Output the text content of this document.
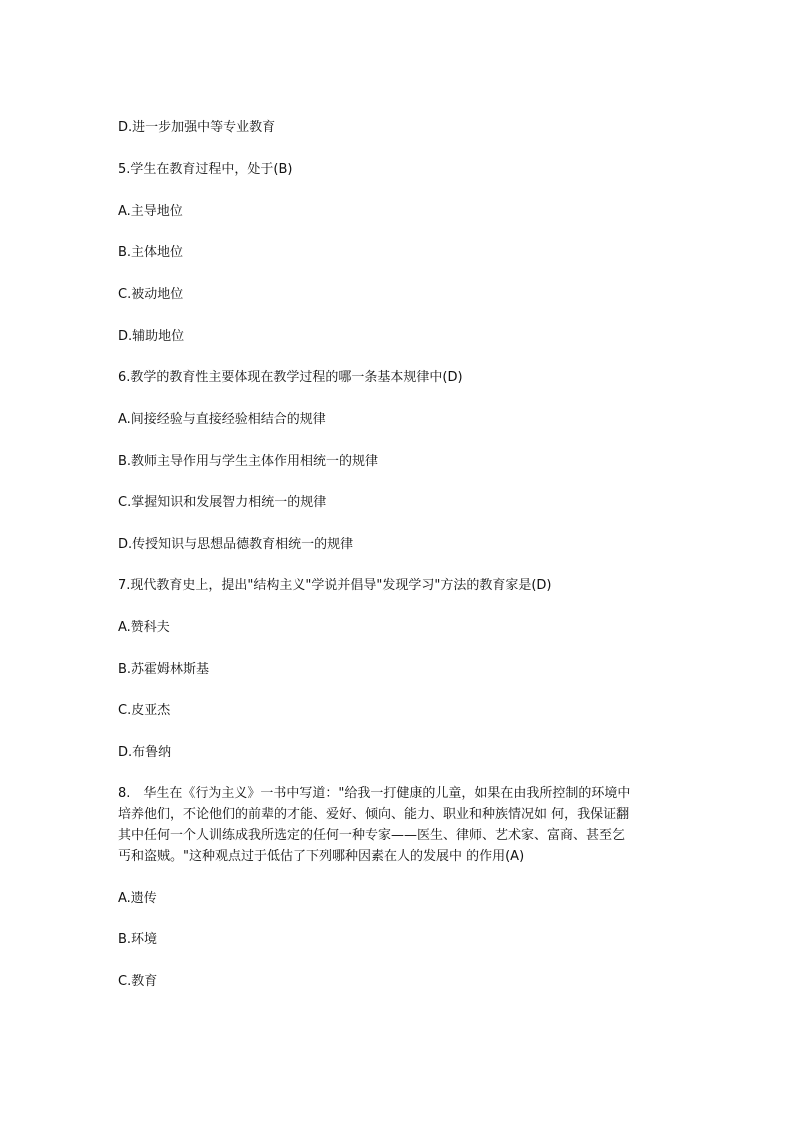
D.进一步加强中等专业教育
5.学生在教育过程中，处于(B)
A.主导地位
B.主体地位
C.被动地位
D.辅助地位
6.教学的教育性主要体现在教学过程的哪一条基本规律中(D)
A.间接经验与直接经验相结合的规律
B.教师主导作用与学生主体作用相统一的规律
C.掌握知识和发展智力相统一的规律
D.传授知识与思想品德教育相统一的规律
7.现代教育史上，提出"结构主义"学说并倡导"发现学习"方法的教育家是(D)
A.赞科夫
B.苏霍姆林斯基
C.皮亚杰
D.布鲁纳
8.　华生在《行为主义》一书中写道："给我一打健康的儿童，如果在由我所控制的环境中
培养他们，不论他们的前辈的才能、爱好、倾向、能力、职业和种族情况如 何，我保证翻
其中任何一个人训练成我所选定的任何一种专家——医生、律师、艺术家、富商、甚至乞
丐和盗贼。"这种观点过于低估了下列哪种因素在人的发展中 的作用(A)
A.遗传
B.环境
C.教育
